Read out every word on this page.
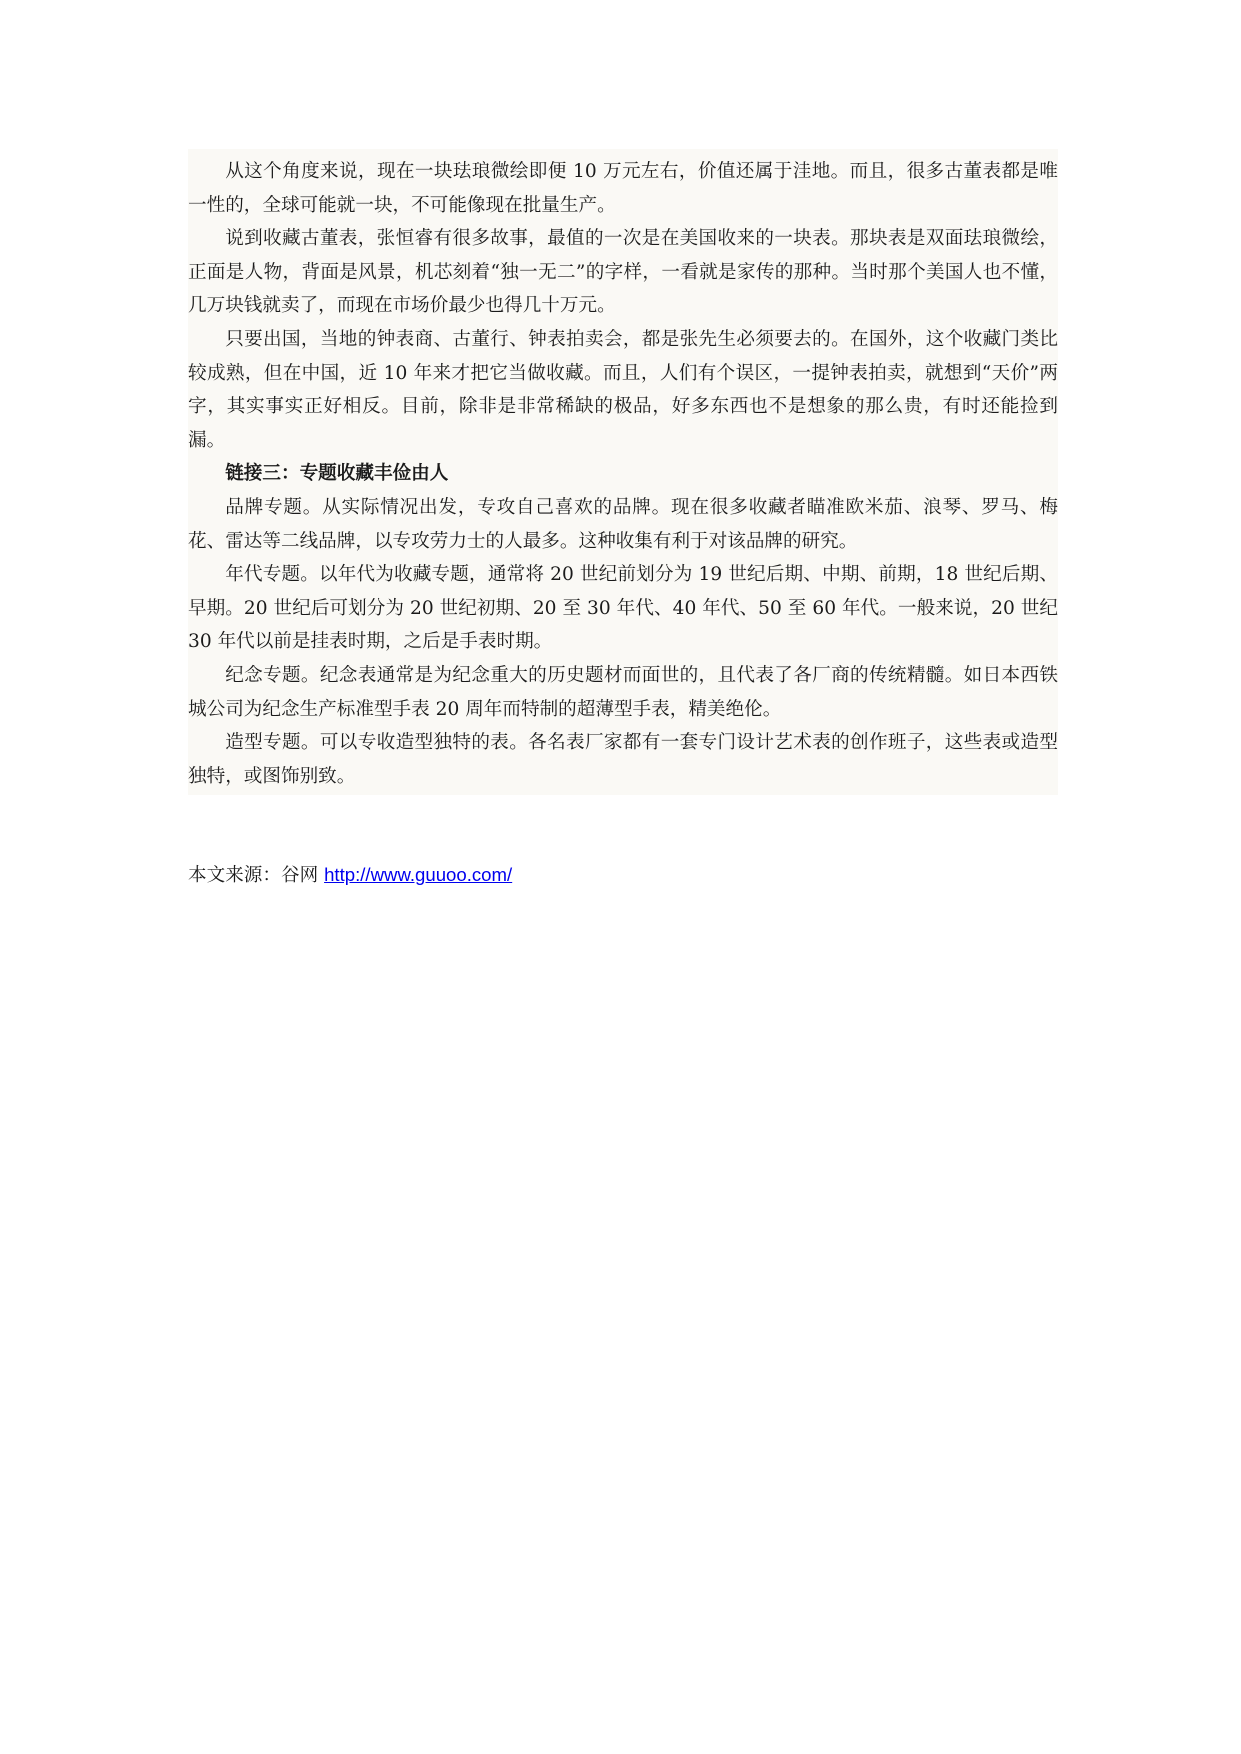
从这个角度来说，现在一块珐琅微绘即便 10 万元左右，价值还属于洼地。而且，很多古董表都是唯一性的，全球可能就一块，不可能像现在批量生产。

说到收藏古董表，张恒睿有很多故事，最值的一次是在美国收来的一块表。那块表是双面珐琅微绘，正面是人物，背面是风景，机芯刻着“独一无二”的字样，一看就是家传的那种。当时那个美国人也不懂，几万块钱就卖了，而现在市场价最少也得几十万元。

只要出国，当地的钟表商、古董行、钟表拍卖会，都是张先生必须要去的。在国外，这个收藏门类比较成熟，但在中国，近 10 年来才把它当做收藏。而且，人们有个误区，一提钟表拍卖，就想到“天价”两字，其实事实正好相反。目前，除非是非常稀缺的极品，好多东西也不是想象的那么贵，有时还能捡到漏。

链接三：专题收藏丰俭由人

品牌专题。从实际情况出发，专攻自己喜欢的品牌。现在很多收藏者瞄准欧米茄、浪琴、罗马、梅花、雷达等二线品牌，以专攻劳力士的人最多。这种收集有利于对该品牌的研究。

年代专题。以年代为收藏专题，通常将 20 世纪前划分为 19 世纪后期、中期、前期，18 世纪后期、早期。20 世纪后可划分为 20 世纪初期、20 至 30 年代、40 年代、50 至 60 年代。一般来说，20 世纪 30 年代以前是挂表时期，之后是手表时期。

纪念专题。纪念表通常是为纪念重大的历史题材而面世的，且代表了各厂商的传统精髓。如日本西铁城公司为纪念生产标准型手表 20 周年而特制的超薄型手表，精美绝伦。

造型专题。可以专收造型独特的表。各名表厂家都有一套专门设计艺术表的创作班子，这些表或造型独特，或图饰别致。

本文来源：谷网 http://www.guuoo.com/
